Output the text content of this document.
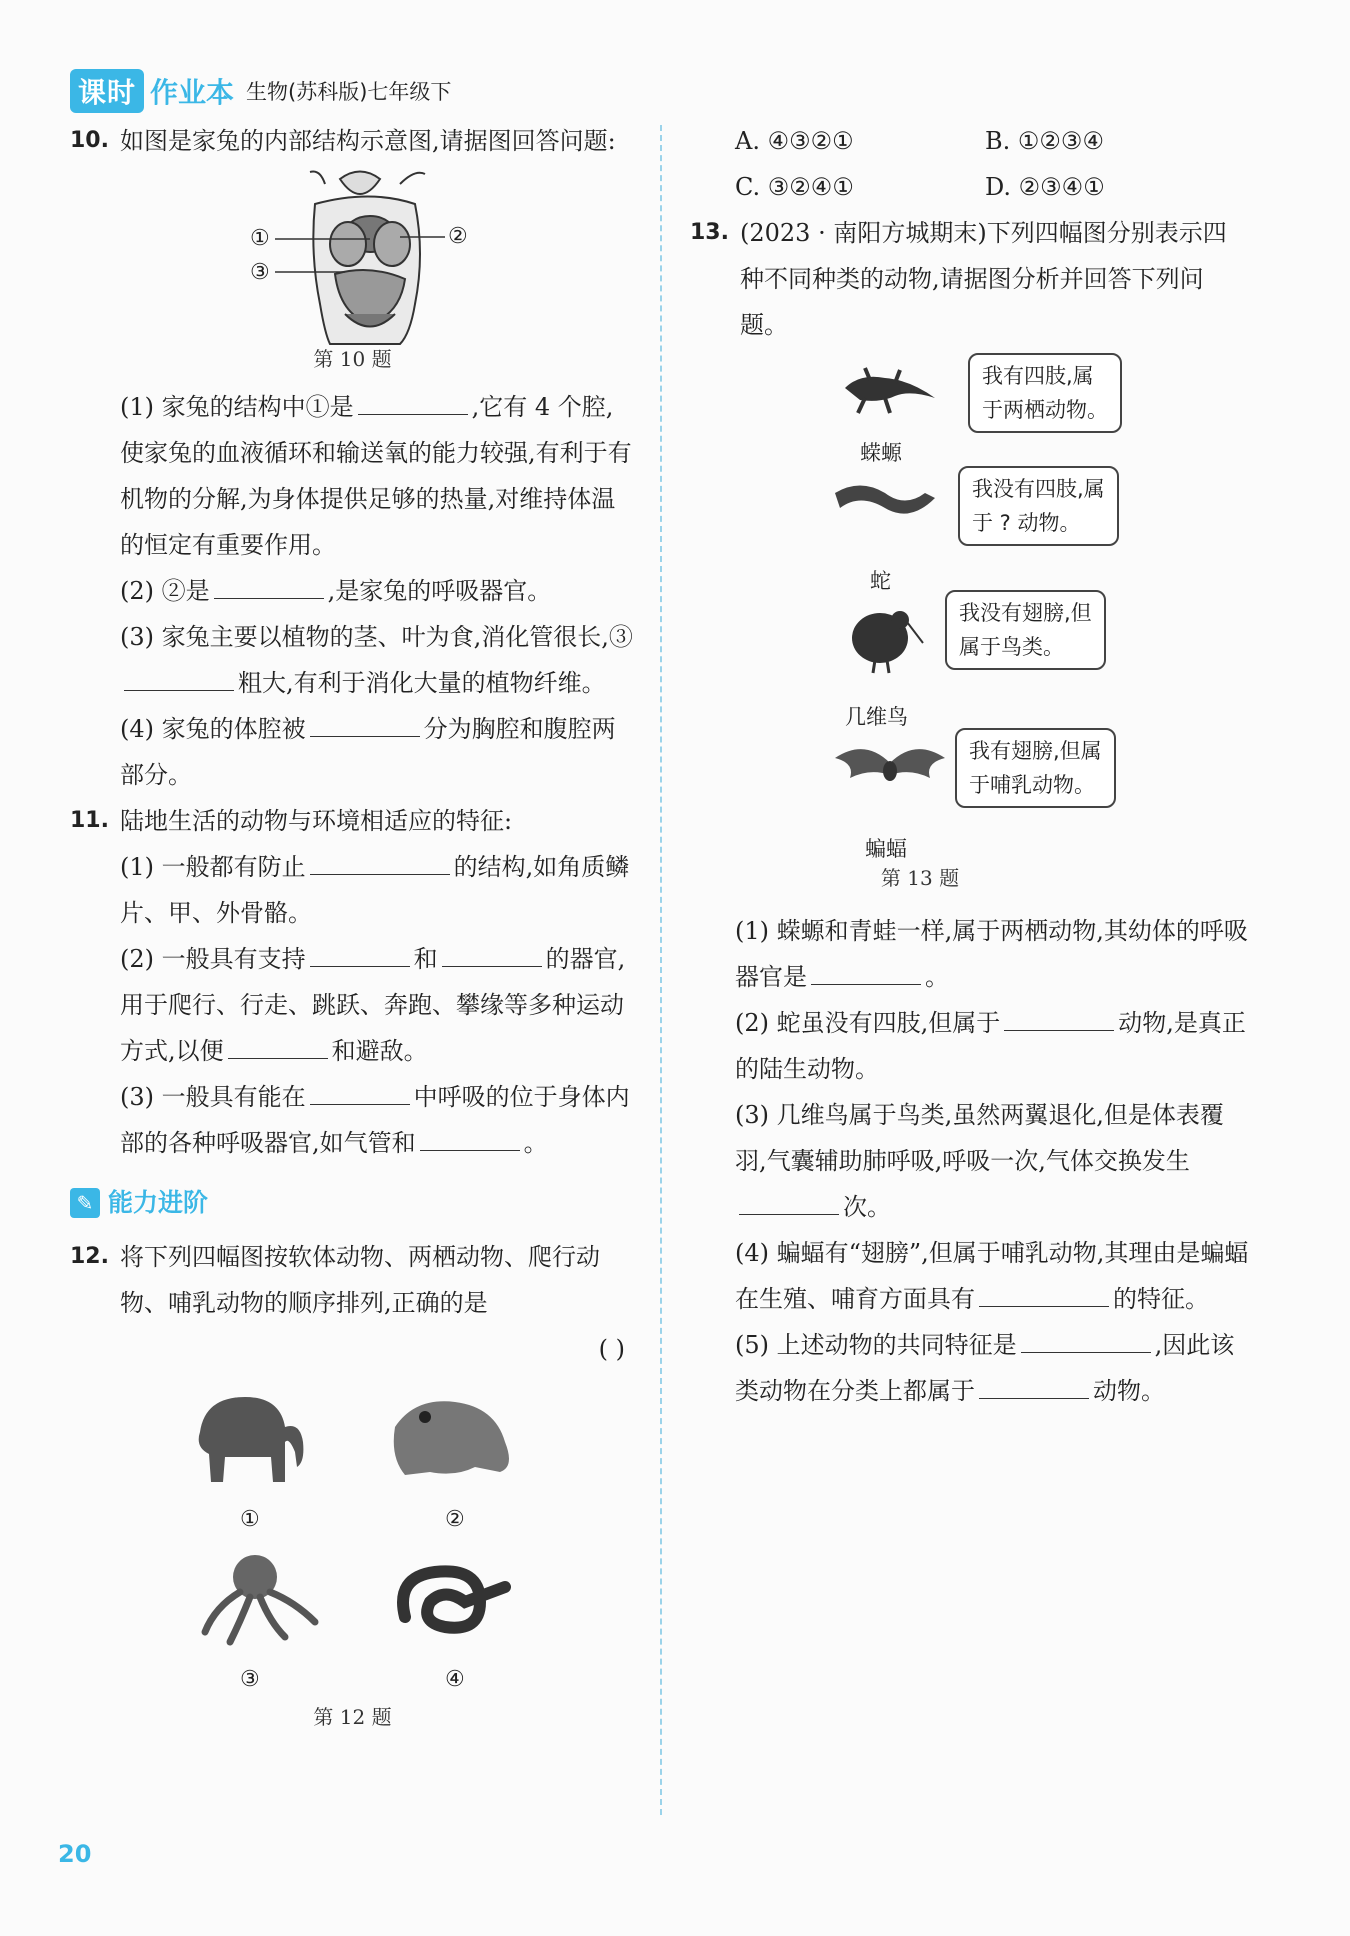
课时 作业本 生物(苏科版)七年级下
10. 如图是家兔的内部结构示意图,请据图回答问题:
①	②
③
第 10 题
(1) 家兔的结构中①是	,它有 4 个腔,使家兔的血液循环和输送氧的能力较强,有利于有机物的分解,为身体提供足够的热量,对维持体温的恒定有重要作用。
(2) ②是	,是家兔的呼吸器官。
(3) 家兔主要以植物的茎、叶为食,消化管很长,③粗大,有利于消化大量的植物纤维。
(4) 家兔的体腔被	分为胸腔和腹腔两部分。
11. 陆地生活的动物与环境相适应的特征:
(1) 一般都有防止	的结构,如角质鳞片、甲、外骨骼。
(2) 一般具有支持	和	的器官,用于爬行、行走、跳跃、奔跑、攀缘等多种运动方式,以便	和避敌。
(3) 一般具有能在	中呼吸的位于身体内部的各种呼吸器官,如气管和	。
✎ 能力进阶
12. 将下列四幅图按软体动物、两栖动物、爬行动物、哺乳动物的顺序排列,正确的是
( )
①	②
③	④
第 12 题
A. ④③②①	B. ①②③④
C. ③②④①	D. ②③④①
13. (2023 · 南阳方城期末)下列四幅图分别表示四种不同种类的动物,请据图分析并回答下列问题。
我有四肢,属
于两栖动物。
蝾螈
我没有四肢,属
于 ? 动物。
蛇
我没有翅膀,但
属于鸟类。
几维鸟
我有翅膀,但属
于哺乳动物。
蝙蝠
第 13 题
(1) 蝾螈和青蛙一样,属于两栖动物,其幼体的呼吸器官是	。
(2) 蛇虽没有四肢,但属于	动物,是真正的陆生动物。
(3) 几维鸟属于鸟类,虽然两翼退化,但是体表覆羽,气囊辅助肺呼吸,呼吸一次,气体交换发生次。
(4) 蝙蝠有“翅膀”,但属于哺乳动物,其理由是蝙蝠在生殖、哺育方面具有	的特征。
(5) 上述动物的共同特征是	,因此该类动物在分类上都属于	动物。
20
